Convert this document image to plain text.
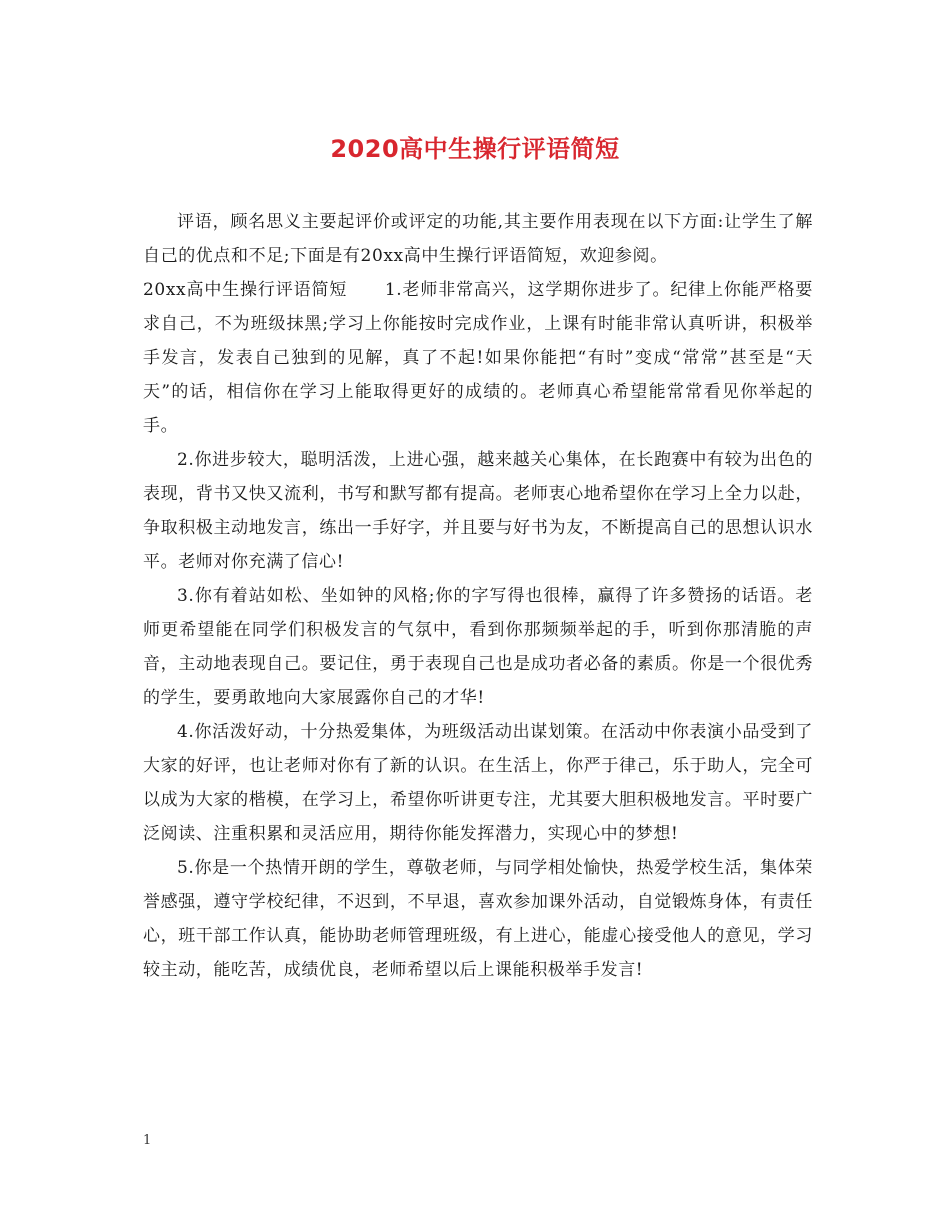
2020高中生操行评语简短

评语，顾名思义主要起评价或评定的功能,其主要作用表现在以下方面:让学生了解自己的优点和不足;下面是有20xx高中生操行评语简短，欢迎参阅。

20xx高中生操行评语简短 1.老师非常高兴，这学期你进步了。纪律上你能严格要求自己，不为班级抹黑;学习上你能按时完成作业，上课有时能非常认真听讲，积极举手发言，发表自己独到的见解，真了不起!如果你能把“有时”变成“常常”甚至是“天天”的话，相信你在学习上能取得更好的成绩的。老师真心希望能常常看见你举起的手。

2.你进步较大，聪明活泼，上进心强，越来越关心集体，在长跑赛中有较为出色的表现，背书又快又流利，书写和默写都有提高。老师衷心地希望你在学习上全力以赴，争取积极主动地发言，练出一手好字，并且要与好书为友，不断提高自己的思想认识水平。老师对你充满了信心!

3.你有着站如松、坐如钟的风格;你的字写得也很棒，赢得了许多赞扬的话语。老师更希望能在同学们积极发言的气氛中，看到你那频频举起的手，听到你那清脆的声音，主动地表现自己。要记住，勇于表现自己也是成功者必备的素质。你是一个很优秀的学生，要勇敢地向大家展露你自己的才华!

4.你活泼好动，十分热爱集体，为班级活动出谋划策。在活动中你表演小品受到了大家的好评，也让老师对你有了新的认识。在生活上，你严于律己，乐于助人，完全可以成为大家的楷模，在学习上，希望你听讲更专注，尤其要大胆积极地发言。平时要广泛阅读、注重积累和灵活应用，期待你能发挥潜力，实现心中的梦想!

5.你是一个热情开朗的学生，尊敬老师，与同学相处愉快，热爱学校生活，集体荣誉感强，遵守学校纪律，不迟到，不早退，喜欢参加课外活动，自觉锻炼身体，有责任心，班干部工作认真，能协助老师管理班级，有上进心，能虚心接受他人的意见，学习较主动，能吃苦，成绩优良，老师希望以后上课能积极举手发言!

1
